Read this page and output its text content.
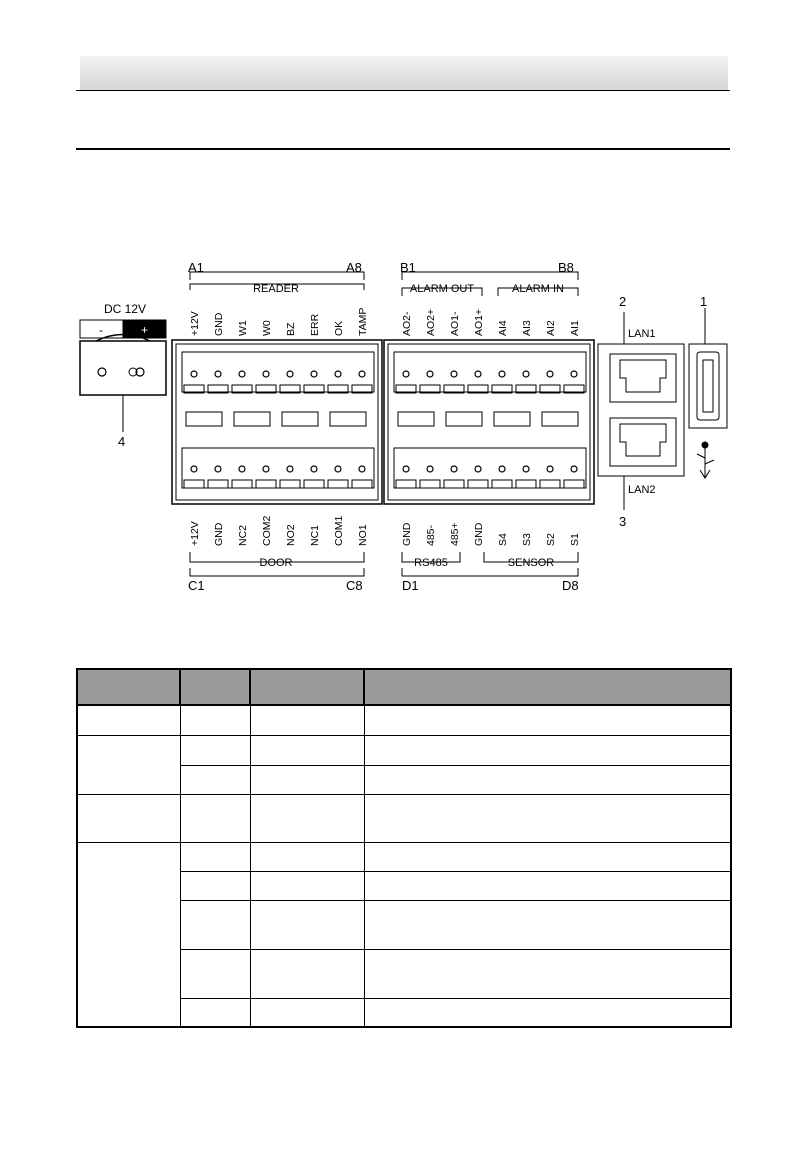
+12V GND W1 W0 BZ ERR OK TAMP	AO2- AO2+ AO1- AO1+ AI4 AI3 AI2 AI1
+12V GND NC2 COM2 NO2 NC1 COM1 NO1	GND 485- 485+ GND S4 S3 S2 S1
DC 12V
-	+
4
A1	A8
READER
B1	B8
ALARM OUT	ALARM IN
DOOR
C1	C8
RS485	SENSOR
D1	D8
LAN1
LAN2
2	1
3
